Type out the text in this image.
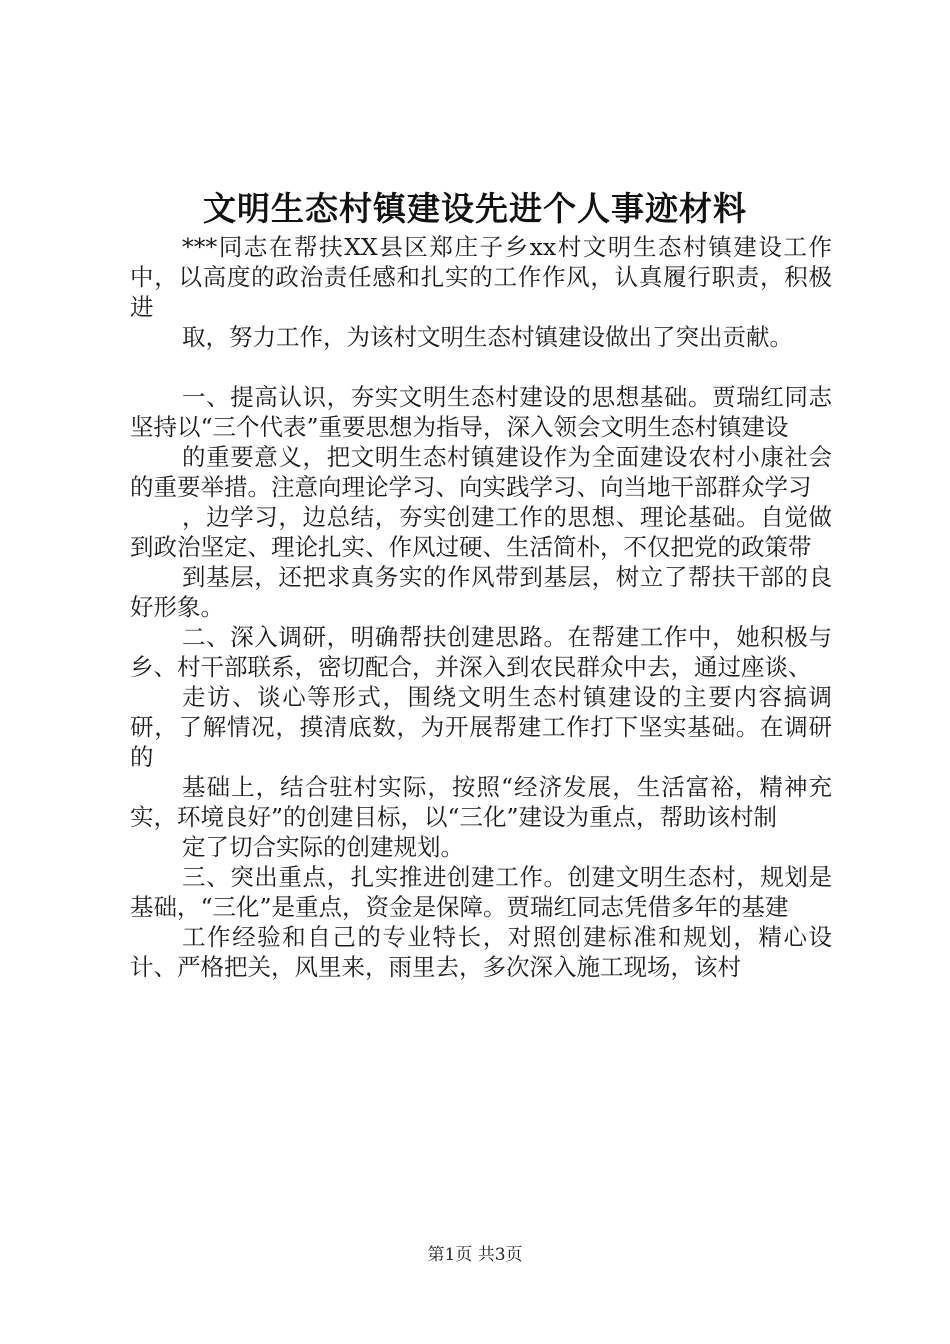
文明生态村镇建设先进个人事迹材料

***同志在帮扶XX县区郑庄子乡xx村文明生态村镇建设工作中，以高度的政治责任感和扎实的工作作风，认真履行职责，积极进

取，努力工作，为该村文明生态村镇建设做出了突出贡献。

一、提高认识，夯实文明生态村建设的思想基础。贾瑞红同志坚持以“三个代表”重要思想为指导，深入领会文明生态村镇建设

的重要意义，把文明生态村镇建设作为全面建设农村小康社会的重要举措。注意向理论学习、向实践学习、向当地干部群众学习

，边学习，边总结，夯实创建工作的思想、理论基础。自觉做到政治坚定、理论扎实、作风过硬、生活简朴，不仅把党的政策带

到基层，还把求真务实的作风带到基层，树立了帮扶干部的良好形象。

二、深入调研，明确帮扶创建思路。在帮建工作中，她积极与乡、村干部联系，密切配合，并深入到农民群众中去，通过座谈、

走访、谈心等形式，围绕文明生态村镇建设的主要内容搞调研，了解情况，摸清底数，为开展帮建工作打下坚实基础。在调研的

基础上，结合驻村实际，按照“经济发展，生活富裕，精神充实，环境良好”的创建目标，以“三化”建设为重点，帮助该村制

定了切合实际的创建规划。

三、突出重点，扎实推进创建工作。创建文明生态村，规划是基础，“三化”是重点，资金是保障。贾瑞红同志凭借多年的基建

工作经验和自己的专业特长，对照创建标准和规划，精心设计、严格把关，风里来，雨里去，多次深入施工现场，该村

第1页 共3页
